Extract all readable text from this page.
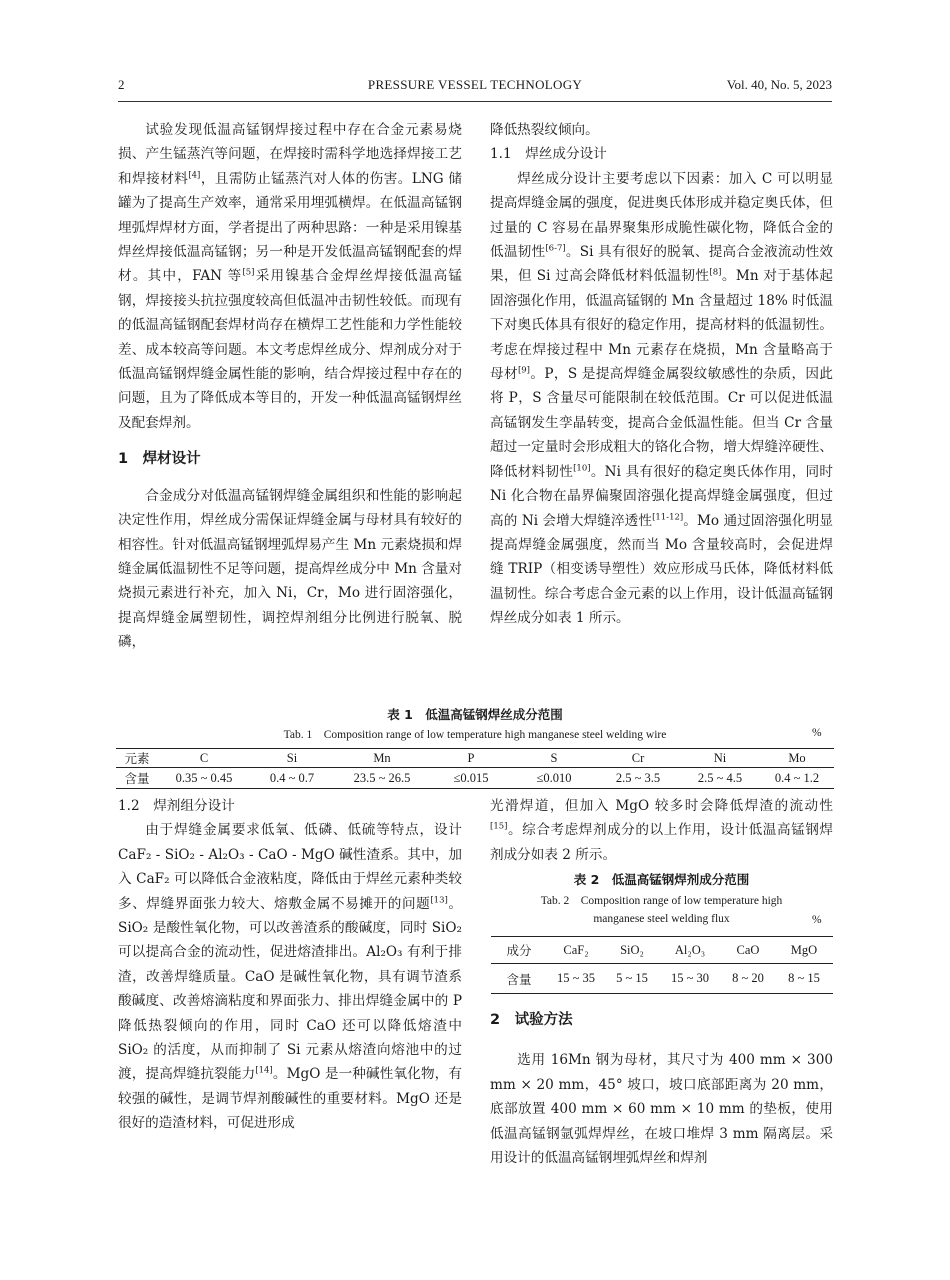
2	PRESSURE VESSEL TECHNOLOGY	Vol. 40, No. 5, 2023

试验发现低温高锰钢焊接过程中存在合金元素易烧损、产生锰蒸汽等问题，在焊接时需科学地选择焊接工艺和焊接材料[4]，且需防止锰蒸汽对人体的伤害。LNG 储罐为了提高生产效率，通常采用埋弧横焊。在低温高锰钢埋弧焊焊材方面，学者提出了两种思路：一种是采用镍基焊丝焊接低温高锰钢；另一种是开发低温高锰钢配套的焊材。其中，FAN 等[5]采用镍基合金焊丝焊接低温高锰钢，焊接接头抗拉强度较高但低温冲击韧性较低。而现有的低温高锰钢配套焊材尚存在横焊工艺性能和力学性能较差、成本较高等问题。本文考虑焊丝成分、焊剂成分对于低温高锰钢焊缝金属性能的影响，结合焊接过程中存在的问题，且为了降低成本等目的，开发一种低温高锰钢焊丝及配套焊剂。

1　焊材设计

合金成分对低温高锰钢焊缝金属组织和性能的影响起决定性作用，焊丝成分需保证焊缝金属与母材具有较好的相容性。针对低温高锰钢埋弧焊易产生 Mn 元素烧损和焊缝金属低温韧性不足等问题，提高焊丝成分中 Mn 含量对烧损元素进行补充，加入 Ni，Cr，Mo 进行固溶强化，提高焊缝金属塑韧性，调控焊剂组分比例进行脱氧、脱磷，

降低热裂纹倾向。

1.1　焊丝成分设计

焊丝成分设计主要考虑以下因素：加入 C 可以明显提高焊缝金属的强度，促进奥氏体形成并稳定奥氏体，但过量的 C 容易在晶界聚集形成脆性碳化物，降低合金的低温韧性[6-7]。Si 具有很好的脱氧、提高合金液流动性效果，但 Si 过高会降低材料低温韧性[8]。Mn 对于基体起固溶强化作用，低温高锰钢的 Mn 含量超过 18% 时低温下对奥氏体具有很好的稳定作用，提高材料的低温韧性。考虑在焊接过程中 Mn 元素存在烧损，Mn 含量略高于母材[9]。P，S 是提高焊缝金属裂纹敏感性的杂质，因此将 P，S 含量尽可能限制在较低范围。Cr 可以促进低温高锰钢发生孪晶转变，提高合金低温性能。但当 Cr 含量超过一定量时会形成粗大的铬化合物，增大焊缝淬硬性、降低材料韧性[10]。Ni 具有很好的稳定奥氏体作用，同时 Ni 化合物在晶界偏聚固溶强化提高焊缝金属强度，但过高的 Ni 会增大焊缝淬透性[11-12]。Mo 通过固溶强化明显提高焊缝金属强度，然而当 Mo 含量较高时，会促进焊缝 TRIP（相变诱导塑性）效应形成马氏体，降低材料低温韧性。综合考虑合金元素的以上作用，设计低温高锰钢焊丝成分如表 1 所示。

表 1　低温高锰钢焊丝成分范围
Tab. 1　Composition range of low temperature high manganese steel welding wire	%
元素	C	Si	Mn	P	S	Cr	Ni	Mo
含量	0.35 ~ 0.45	0.4 ~ 0.7	23.5 ~ 26.5	≤0.015	≤0.010	2.5 ~ 3.5	2.5 ~ 4.5	0.4 ~ 1.2
1.2　焊剂组分设计

由于焊缝金属要求低氧、低磷、低硫等特点，设计 CaF₂ - SiO₂ - Al₂O₃ - CaO - MgO 碱性渣系。其中，加入 CaF₂ 可以降低合金液粘度，降低由于焊丝元素种类较多、焊缝界面张力较大、熔敷金属不易摊开的问题[13]。SiO₂ 是酸性氧化物，可以改善渣系的酸碱度，同时 SiO₂ 可以提高合金的流动性，促进熔渣排出。Al₂O₃ 有利于排渣，改善焊缝质量。CaO 是碱性氧化物，具有调节渣系酸碱度、改善熔滴粘度和界面张力、排出焊缝金属中的 P 降低热裂倾向的作用，同时 CaO 还可以降低熔渣中 SiO₂ 的活度，从而抑制了 Si 元素从熔渣向熔池中的过渡，提高焊缝抗裂能力[14]。MgO 是一种碱性氧化物，有较强的碱性，是调节焊剂酸碱性的重要材料。MgO 还是很好的造渣材料，可促进形成

光滑焊道，但加入 MgO 较多时会降低焊渣的流动性[15]。综合考虑焊剂成分的以上作用，设计低温高锰钢焊剂成分如表 2 所示。

表 2　低温高锰钢焊剂成分范围
Tab. 2　Composition range of low temperature high
manganese steel welding flux	%
成分	CaF₂	SiO₂	Al₂O₃	CaO	MgO
含量	15 ~ 35	5 ~ 15	15 ~ 30	8 ~ 20	8 ~ 15
2　试验方法

选用 16Mn 钢为母材，其尺寸为 400 mm × 300 mm × 20 mm，45° 坡口，坡口底部距离为 20 mm，底部放置 400 mm × 60 mm × 10 mm 的垫板，使用低温高锰钢氩弧焊焊丝，在坡口堆焊 3 mm 隔离层。采用设计的低温高锰钢埋弧焊丝和焊剂
